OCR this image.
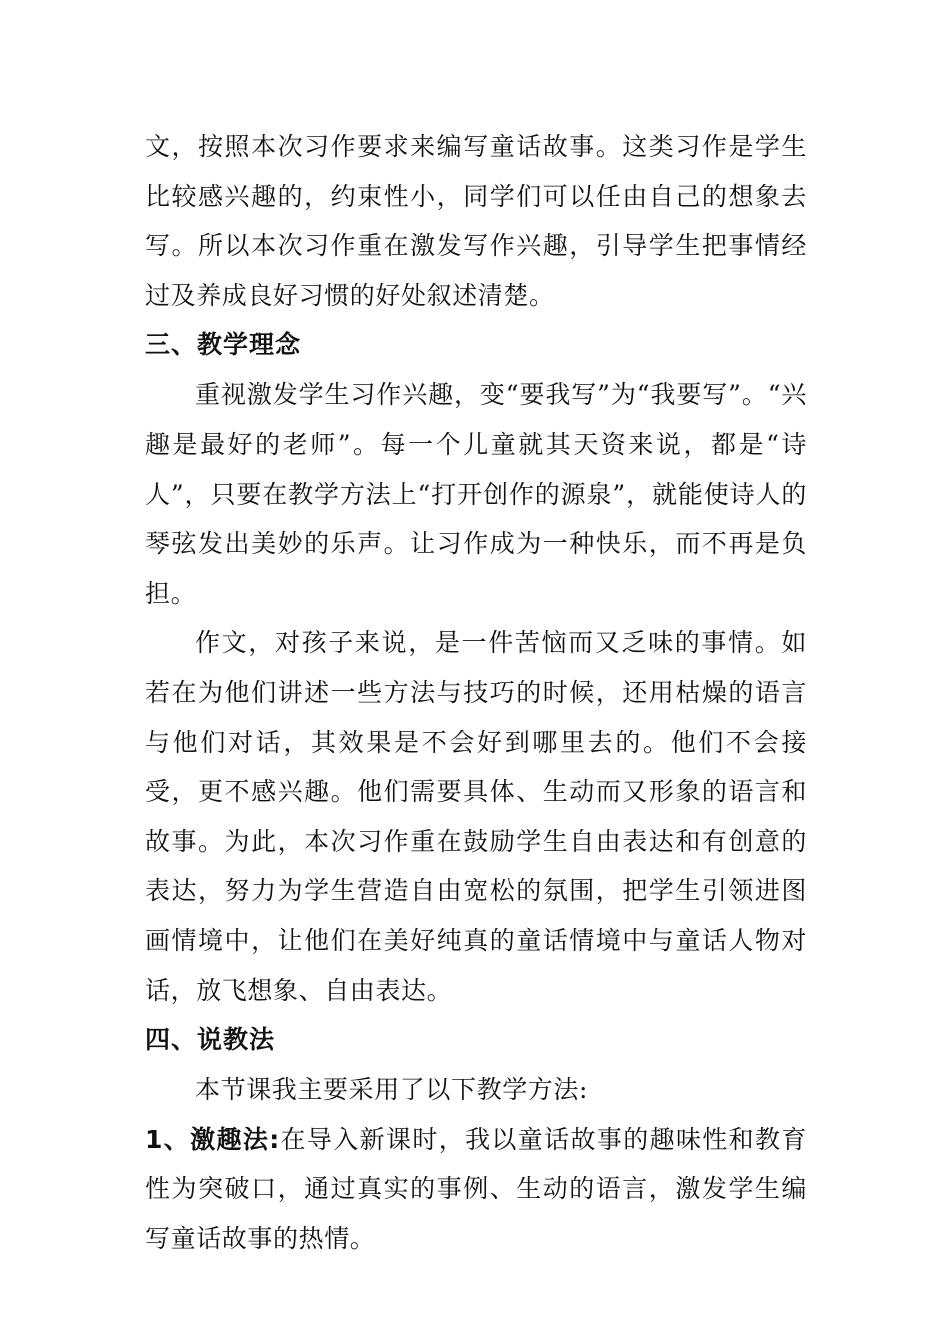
文，按照本次习作要求来编写童话故事。这类习作是学生比较感兴趣的，约束性小，同学们可以任由自己的想象去写。所以本次习作重在激发写作兴趣，引导学生把事情经过及养成良好习惯的好处叙述清楚。

三、教学理念

重视激发学生习作兴趣，变“要我写”为“我要写”。“兴趣是最好的老师”。每一个儿童就其天资来说，都是“诗人”，只要在教学方法上“打开创作的源泉”，就能使诗人的琴弦发出美妙的乐声。让习作成为一种快乐，而不再是负担。

作文，对孩子来说，是一件苦恼而又乏味的事情。如若在为他们讲述一些方法与技巧的时候，还用枯燥的语言与他们对话，其效果是不会好到哪里去的。他们不会接受，更不感兴趣。他们需要具体、生动而又形象的语言和故事。为此，本次习作重在鼓励学生自由表达和有创意的表达，努力为学生营造自由宽松的氛围，把学生引领进图画情境中，让他们在美好纯真的童话情境中与童话人物对话，放飞想象、自由表达。

四、说教法

本节课我主要采用了以下教学方法:

1、激趣法:在导入新课时，我以童话故事的趣味性和教育性为突破口，通过真实的事例、生动的语言，激发学生编写童话故事的热情。
